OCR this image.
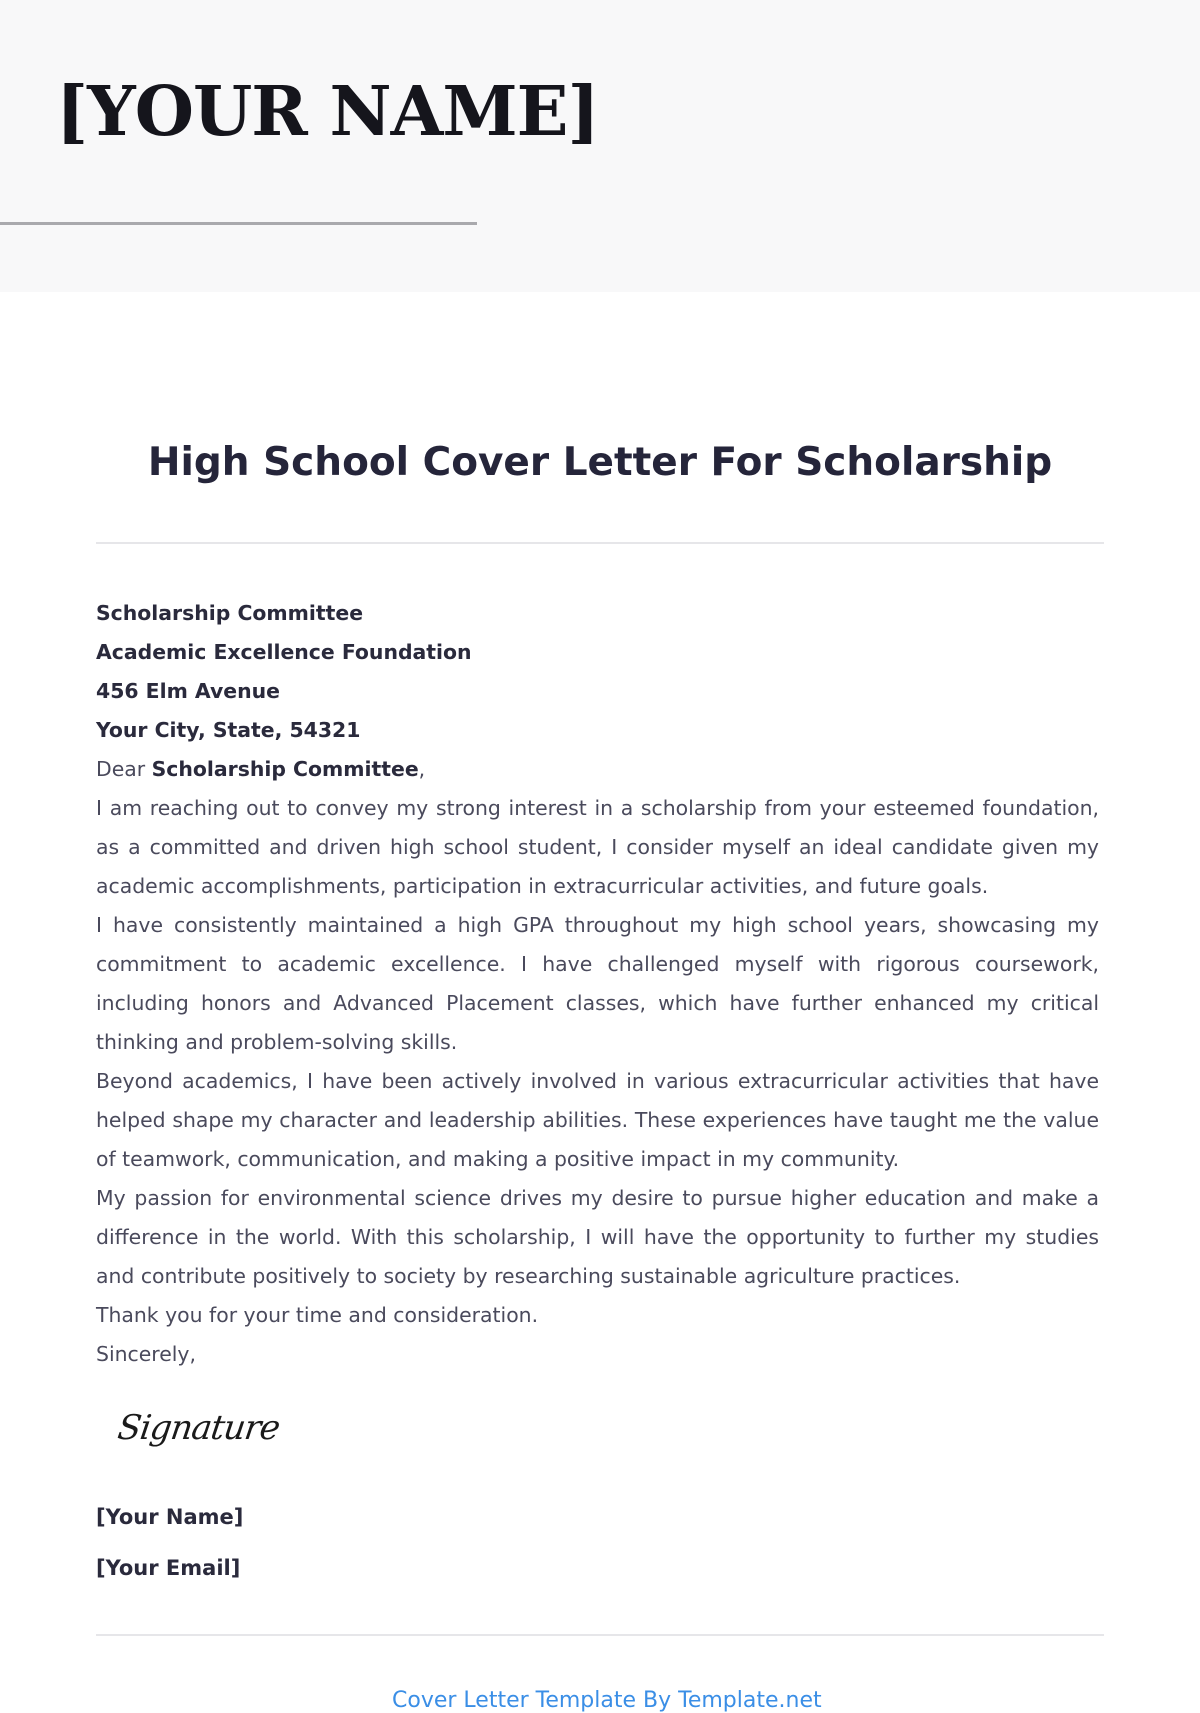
[YOUR NAME]
High School Cover Letter For Scholarship

Scholarship Committee

Academic Excellence Foundation

456 Elm Avenue

Your City, State, 54321

Dear Scholarship Committee,

I am reaching out to convey my strong interest in a scholarship from your esteemed foundation, as a committed and driven high school student, I consider myself an ideal candidate given my academic accomplishments, participation in extracurricular activities, and future goals.

I have consistently maintained a high GPA throughout my high school years, showcasing my commitment to academic excellence. I have challenged myself with rigorous coursework, including honors and Advanced Placement classes, which have further enhanced my critical thinking and problem-solving skills.

Beyond academics, I have been actively involved in various extracurricular activities that have helped shape my character and leadership abilities. These experiences have taught me the value of teamwork, communication, and making a positive impact in my community.

My passion for environmental science drives my desire to pursue higher education and make a difference in the world. With this scholarship, I will have the opportunity to further my studies and contribute positively to society by researching sustainable agriculture practices.

Thank you for your time and consideration.

Sincerely,

Signature
[Your Name]
[Your Email]
Cover Letter Template By Template.net
